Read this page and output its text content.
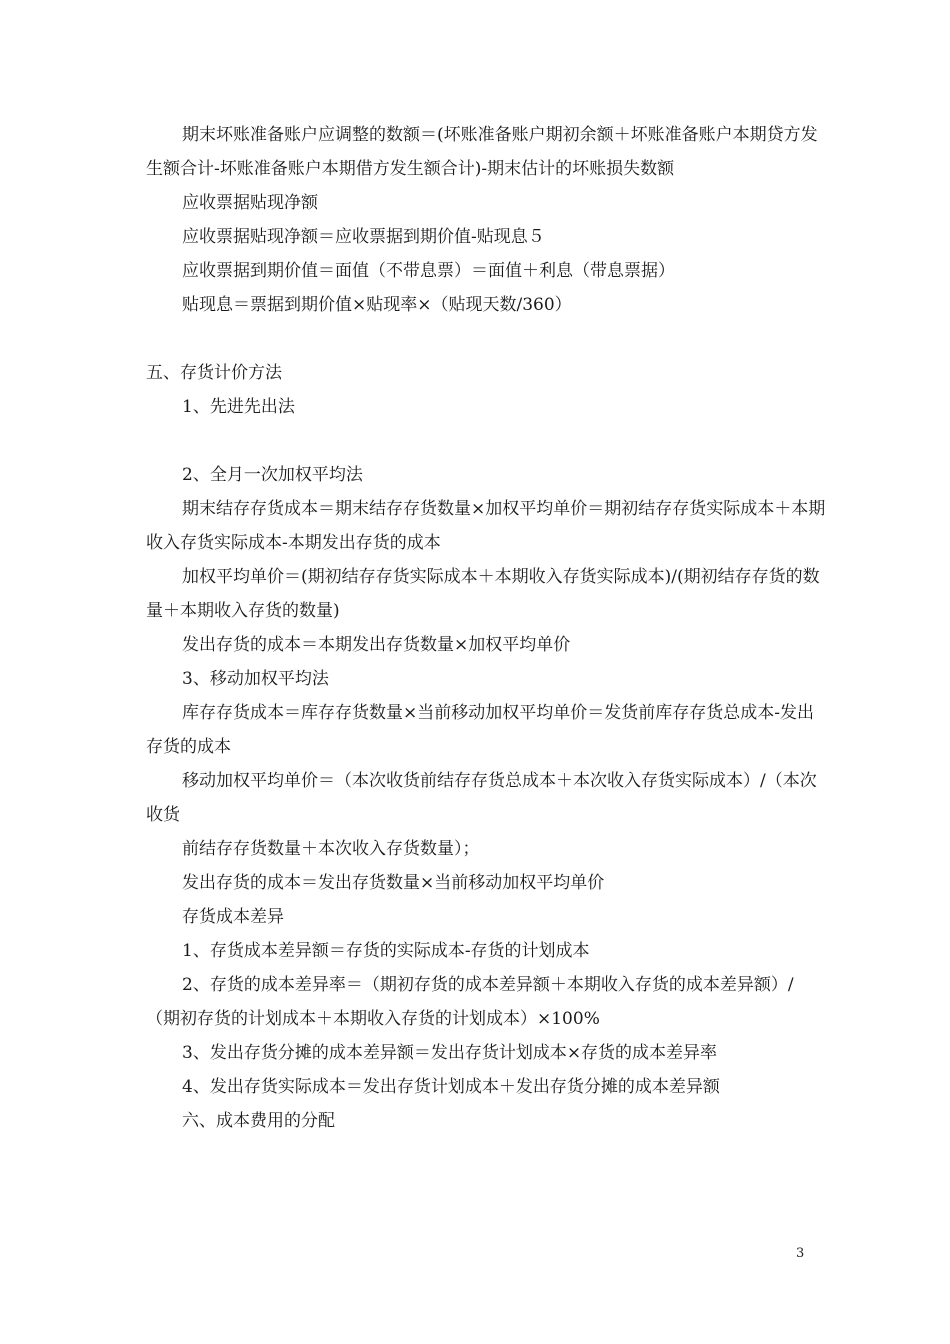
期末坏账准备账户应调整的数额＝(坏账准备账户期初余额＋坏账准备账户本期贷方发生额合计-坏账准备账户本期借方发生额合计)-期末估计的坏账损失数额

应收票据贴现净额

应收票据贴现净额＝应收票据到期价值-贴现息５

应收票据到期价值＝面值（不带息票）＝面值＋利息（带息票据）

贴现息＝票据到期价值×贴现率×（贴现天数/360）

五、存货计价方法

1、先进先出法

2、全月一次加权平均法

期末结存存货成本＝期末结存存货数量×加权平均单价＝期初结存存货实际成本＋本期收入存货实际成本-本期发出存货的成本

加权平均单价＝(期初结存存货实际成本＋本期收入存货实际成本)/(期初结存存货的数量＋本期收入存货的数量)

发出存货的成本＝本期发出存货数量×加权平均单价

3、移动加权平均法

库存存货成本＝库存存货数量×当前移动加权平均单价＝发货前库存存货总成本-发出存货的成本

移动加权平均单价＝（本次收货前结存存货总成本＋本次收入存货实际成本）/（本次收货

前结存存货数量＋本次收入存货数量）；

发出存货的成本＝发出存货数量×当前移动加权平均单价

存货成本差异

1、存货成本差异额＝存货的实际成本-存货的计划成本

2、存货的成本差异率＝（期初存货的成本差异额＋本期收入存货的成本差异额）/（期初存货的计划成本＋本期收入存货的计划成本）×100%

3、发出存货分摊的成本差异额＝发出存货计划成本×存货的成本差异率

4、发出存货实际成本＝发出存货计划成本＋发出存货分摊的成本差异额

六、成本费用的分配

3
